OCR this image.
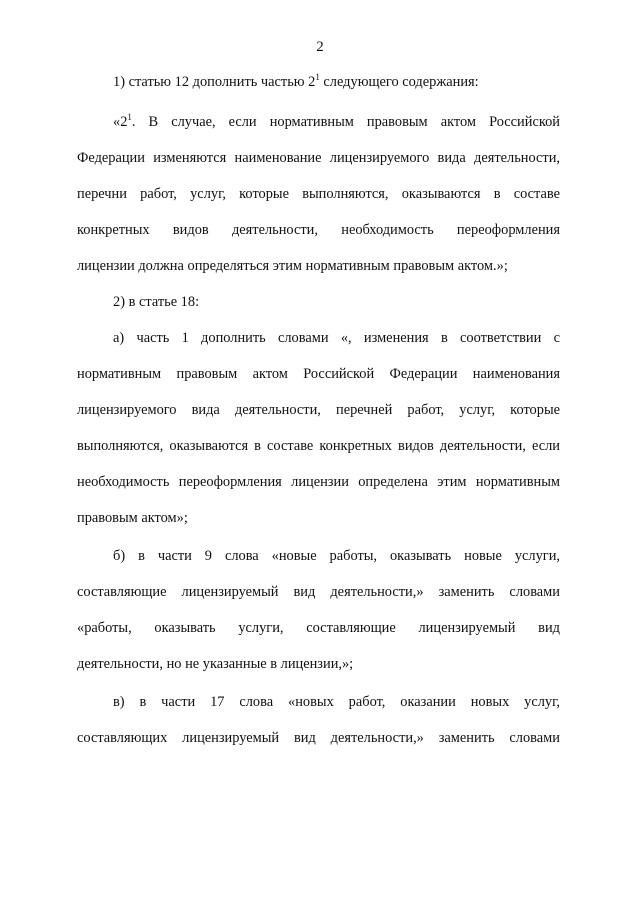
2

1) статью 12 дополнить частью $2^1$ следующего содержания:

«$2^1$. В случае, если нормативным правовым актом Российской

Федерации изменяются наименование лицензируемого вида деятельности,

перечни работ, услуг, которые выполняются, оказываются в составе

конкретных видов деятельности, необходимость переоформления

лицензии должна определяться этим нормативным правовым актом.»;

2) в статье 18:

а) часть 1 дополнить словами «, изменения в соответствии с

нормативным правовым актом Российской Федерации наименования

лицензируемого вида деятельности, перечней работ, услуг, которые

выполняются, оказываются в составе конкретных видов деятельности, если

необходимость переоформления лицензии определена этим нормативным

правовым актом»;

б) в части 9 слова «новые работы, оказывать новые услуги,

составляющие лицензируемый вид деятельности,» заменить словами

«работы, оказывать услуги, составляющие лицензируемый вид

деятельности, но не указанные в лицензии,»;

в) в части 17 слова «новых работ, оказании новых услуг,

составляющих лицензируемый вид деятельности,» заменить словами
